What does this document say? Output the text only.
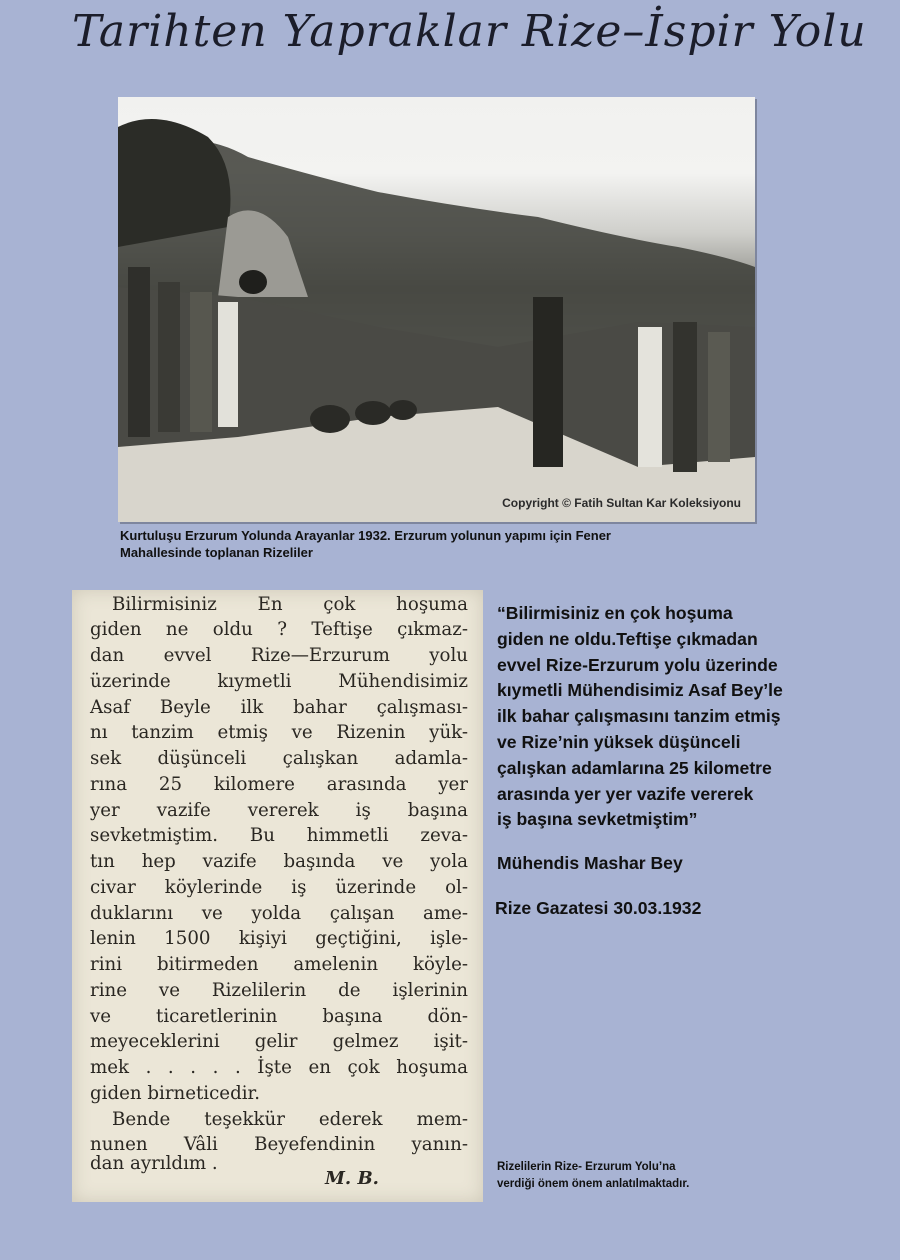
Tarihten Yapraklar Rize–İspir Yolu
Copyright © Fatih Sultan Kar Koleksiyonu
Kurtuluşu Erzurum Yolunda Arayanlar 1932. Erzurum yolunun yapımı için Fener
Mahallesinde toplanan Rizeliler
Bilirmisiniz En çok hoşuma
giden ne oldu ? Teftişe çıkmaz-
dan evvel Rize—Erzurum yolu
üzerinde kıymetli Mühendisimiz
Asaf Beyle ilk bahar çalışması-
nı tanzim etmiş ve Rizenin yük-
sek düşünceli çalışkan adamla-
rına 25 kilomere arasında yer
yer vazife vererek iş başına
sevketmiştim. Bu himmetli zeva-
tın hep vazife başında ve yola
civar köylerinde iş üzerinde ol-
duklarını ve yolda çalışan ame-
lenin 1500 kişiyi geçtiğini, işle-
rini bitirmeden amelenin köyle-
rine ve Rizelilerin de işlerinin
ve ticaretlerinin başına dön-
meyeceklerini gelir gelmez işit-
mek . . . . . İşte en çok hoşuma
giden birneticedir.
Bende teşekkür ederek mem-
nunen Vâli Beyefendinin yanın-
dan ayrıldım .
M. B.
“Bilirmisiniz en çok hoşuma
giden ne oldu.Teftişe çıkmadan
evvel Rize-Erzurum yolu üzerinde
kıymetli Mühendisimiz Asaf Bey’le
ilk bahar çalışmasını tanzim etmiş
ve Rize’nin yüksek düşünceli
çalışkan adamlarına 25 kilometre
arasında yer yer vazife vererek
iş başına sevketmiştim”
Mühendis Mashar Bey
Rize Gazatesi 30.03.1932
Rizelilerin Rize- Erzurum Yolu’na
verdiği önem önem anlatılmaktadır.
